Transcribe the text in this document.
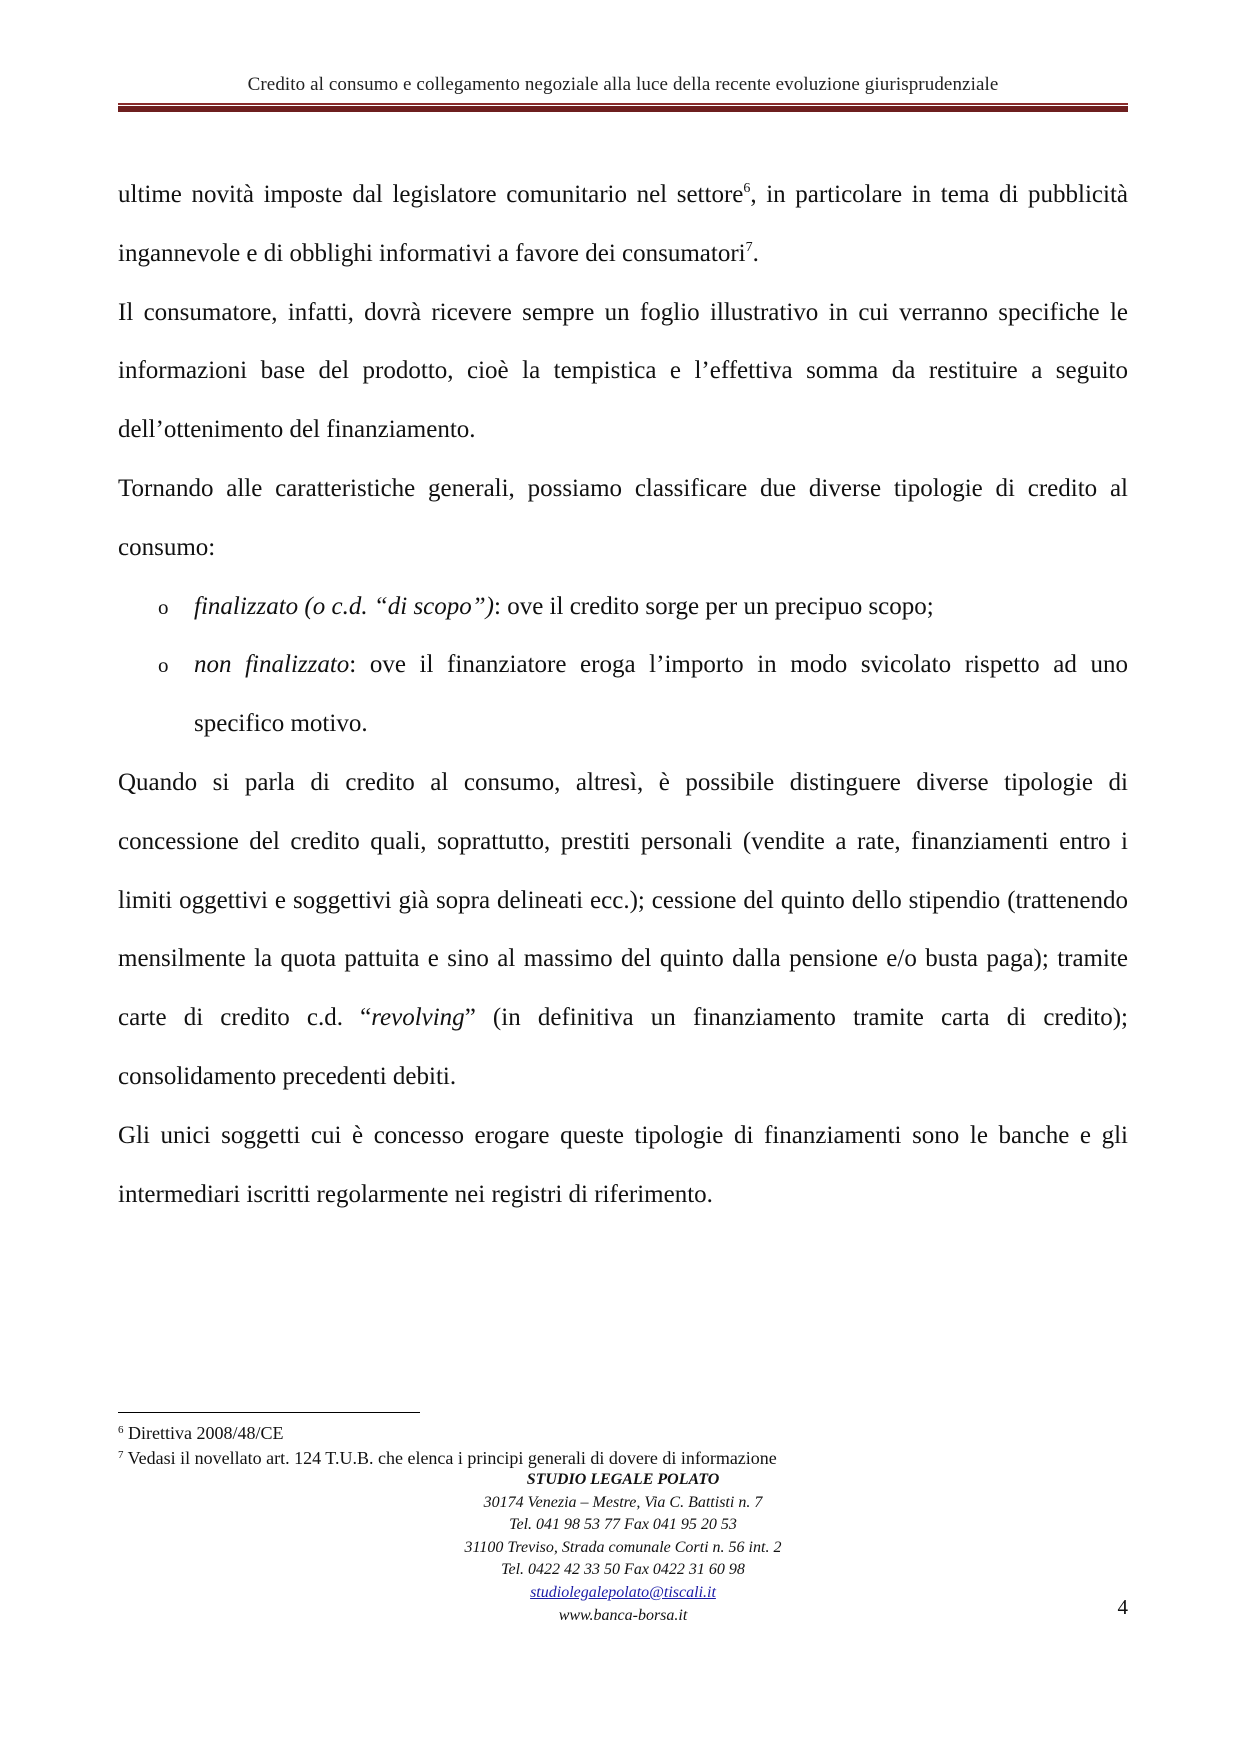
Credito al consumo e collegamento negoziale alla luce della recente evoluzione giurisprudenziale

ultime novità imposte dal legislatore comunitario nel settore$^6$, in particolare in tema di pubblicità ingannevole e di obblighi informativi a favore dei consumatori$^7$.

Il consumatore, infatti, dovrà ricevere sempre un foglio illustrativo in cui verranno specifiche le informazioni base del prodotto, cioè la tempistica e l’effettiva somma da restituire a seguito dell’ottenimento del finanziamento.

Tornando alle caratteristiche generali, possiamo classificare due diverse tipologie di credito al consumo:

o finalizzato (o c.d. “di scopo”): ove il credito sorge per un precipuo scopo;
o non finalizzato: ove il finanziatore eroga l’importo in modo svicolato rispetto ad uno specifico motivo.

Quando si parla di credito al consumo, altresì, è possibile distinguere diverse tipologie di concessione del credito quali, soprattutto, prestiti personali (vendite a rate, finanziamenti entro i limiti oggettivi e soggettivi già sopra delineati ecc.); cessione del quinto dello stipendio (trattenendo mensilmente la quota pattuita e sino al massimo del quinto dalla pensione e/o busta paga); tramite carte di credito c.d. “revolving” (in definitiva un finanziamento tramite carta di credito); consolidamento precedenti debiti.

Gli unici soggetti cui è concesso erogare queste tipologie di finanziamenti sono le banche e gli intermediari iscritti regolarmente nei registri di riferimento.

$^6$ Direttiva 2008/48/CE
$^7$ Vedasi il novellato art. 124 T.U.B. che elenca i principi generali di dovere di informazione
STUDIO LEGALE POLATO
30174 Venezia – Mestre, Via C. Battisti n. 7
Tel. 041 98 53 77 Fax 041 95 20 53
31100 Treviso, Strada comunale Corti n. 56 int. 2
Tel. 0422 42 33 50 Fax 0422 31 60 98
studiolegalepolato@tiscali.it
www.banca-borsa.it	4
